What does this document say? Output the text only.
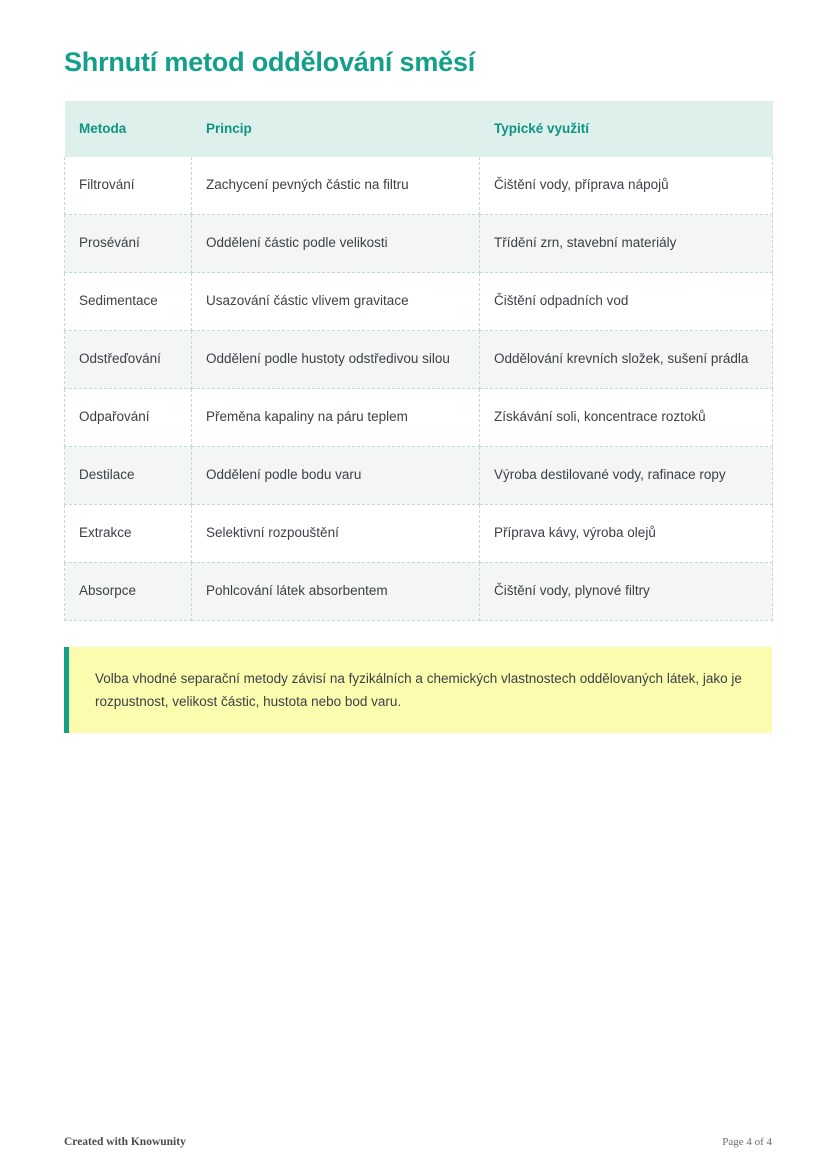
Shrnutí metod oddělování směsí
Metoda	Princip	Typické využití
Filtrování	Zachycení pevných částic na filtru	Čištění vody, příprava nápojů
Prosévání	Oddělení částic podle velikosti	Třídění zrn, stavební materiály
Sedimentace	Usazování částic vlivem gravitace	Čištění odpadních vod
Odstřeďování	Oddělení podle hustoty odstředivou silou	Oddělování krevních složek, sušení prádla
Odpařování	Přeměna kapaliny na páru teplem	Získávání soli, koncentrace roztoků
Destilace	Oddělení podle bodu varu	Výroba destilované vody, rafinace ropy
Extrakce	Selektivní rozpouštění	Příprava kávy, výroba olejů
Absorpce	Pohlcování látek absorbentem	Čištění vody, plynové filtry
Volba vhodné separační metody závisí na fyzikálních a chemických vlastnostech oddělovaných látek, jako je rozpustnost, velikost částic, hustota nebo bod varu.
Created with Knowunity	Page 4 of 4
